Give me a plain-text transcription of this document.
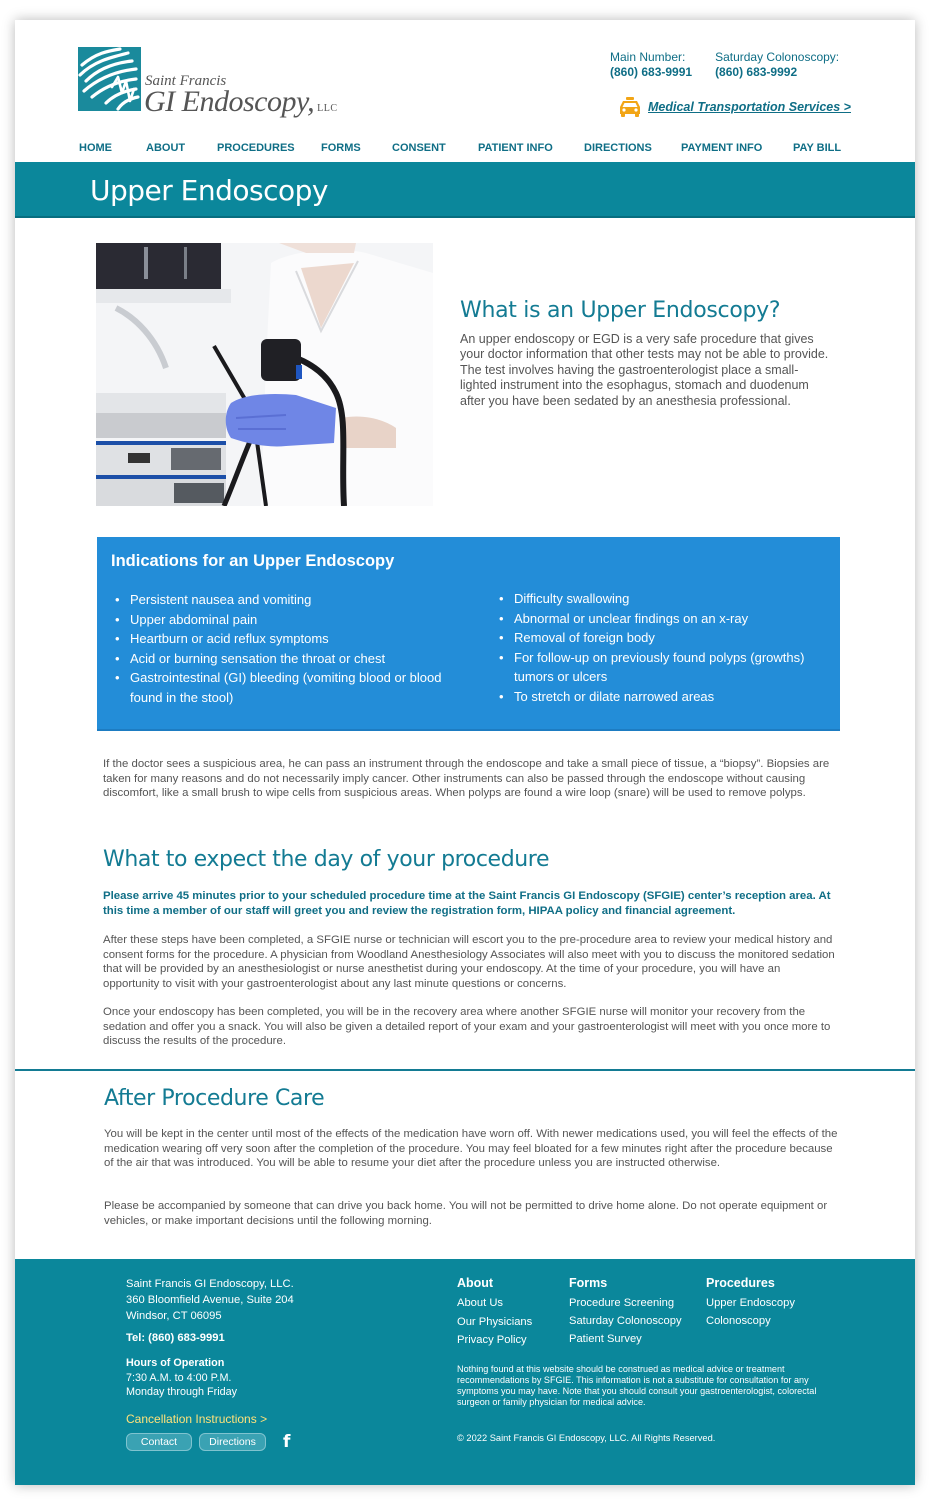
Saint Francis
GI Endoscopy, LLC
Main Number:
(860) 683-9991
Saturday Colonoscopy:
(860) 683-9992
Medical Transportation Services >
HOME	ABOUT	PROCEDURES	FORMS	CONSENT	PATIENT INFO	DIRECTIONS	PAYMENT INFO	PAY BILL
Upper Endoscopy
What is an Upper Endoscopy?

An upper endoscopy or EGD is a very safe procedure that gives your doctor information that other tests may not be able to provide. The test involves having the gastroenterologist place a small-lighted instrument into the esophagus, stomach and duodenum after you have been sedated by an anesthesia professional.

Indications for an Upper Endoscopy
• Persistent nausea and vomiting
• Upper abdominal pain
• Heartburn or acid reflux symptoms
• Acid or burning sensation the throat or chest
• Gastrointestinal (GI) bleeding (vomiting blood or blood found in the stool)
• Difficulty swallowing
• Abnormal or unclear findings on an x-ray
• Removal of foreign body
• For follow-up on previously found polyps (growths) tumors or ulcers
• To stretch or dilate narrowed areas

If the doctor sees a suspicious area, he can pass an instrument through the endoscope and take a small piece of tissue, a “biopsy”. Biopsies are taken for many reasons and do not necessarily imply cancer. Other instruments can also be passed through the endoscope without causing discomfort, like a small brush to wipe cells from suspicious areas. When polyps are found a wire loop (snare) will be used to remove polyps.

What to expect the day of your procedure

Please arrive 45 minutes prior to your scheduled procedure time at the Saint Francis GI Endoscopy (SFGIE) center’s reception area. At this time a member of our staff will greet you and review the registration form, HIPAA policy and financial agreement.

After these steps have been completed, a SFGIE nurse or technician will escort you to the pre-procedure area to review your medical history and consent forms for the procedure. A physician from Woodland Anesthesiology Associates will also meet with you to discuss the monitored sedation that will be provided by an anesthesiologist or nurse anesthetist during your endoscopy. At the time of your procedure, you will have an opportunity to visit with your gastroenterologist about any last minute questions or concerns.

Once your endoscopy has been completed, you will be in the recovery area where another SFGIE nurse will monitor your recovery from the sedation and offer you a snack. You will also be given a detailed report of your exam and your gastroenterologist will meet with you once more to discuss the results of the procedure.

After Procedure Care

You will be kept in the center until most of the effects of the medication have worn off. With newer medications used, you will feel the effects of the medication wearing off very soon after the completion of the procedure. You may feel bloated for a few minutes right after the procedure because of the air that was introduced. You will be able to resume your diet after the procedure unless you are instructed otherwise.

Please be accompanied by someone that can drive you back home. You will not be permitted to drive home alone. Do not operate equipment or vehicles, or make important decisions until the following morning.

Saint Francis GI Endoscopy, LLC.
360 Bloomfield Avenue, Suite 204
Windsor, CT 06095
Tel: (860) 683-9991
Hours of Operation
7:30 A.M. to 4:00 P.M.
Monday through Friday
Cancellation Instructions >
Contact	Directions	f
About
About Us
Our Physicians
Privacy Policy
Forms
Procedure Screening
Saturday Colonoscopy
Patient Survey
Procedures
Upper Endoscopy
Colonoscopy

Nothing found at this website should be construed as medical advice or treatment recommendations by SFGIE. This information is not a substitute for consultation for any symptoms you may have. Note that you should consult your gastroenterologist, colorectal surgeon or family physician for medical advice.

© 2022 Saint Francis GI Endoscopy, LLC. All Rights Reserved.
